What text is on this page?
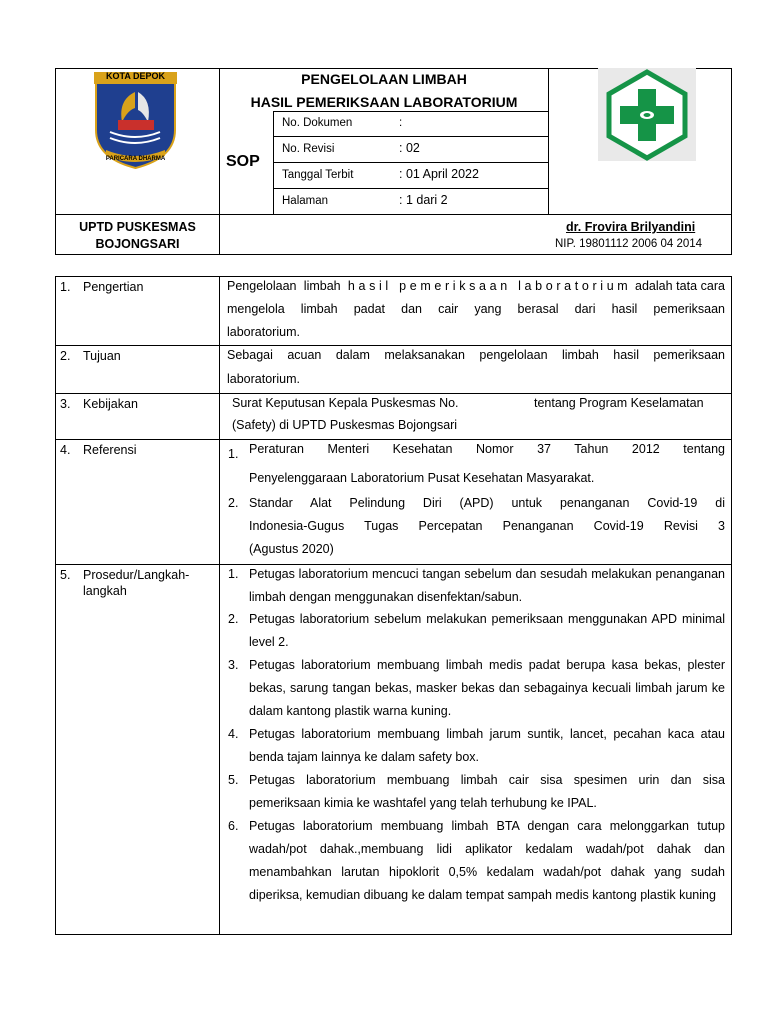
KOTA DEPOK
PARICARA DHARMA
PENGELOLAAN LIMBAH
HASIL PEMERIKSAAN LABORATORIUM
SOP
No. Dokumen	:
No. Revisi	: 02
Tanggal Terbit	: 01 April 2022
Halaman	: 1 dari 2
UPTD PUSKESMAS
BOJONGSARI
dr. Frovira Brilyandini
NIP. 19801112 2006 04 2014
1. Pengertian	Pengelolaan  limbah  h a s i l   p e m e r i k s a a n   l a b o r a t o r i u m  adalah tata cara
mengelola limbah padat dan cair yang berasal dari hasil pemeriksaan
laboratorium.
2. Tujuan	Sebagai acuan dalam melaksanakan pengelolaan limbah hasil pemeriksaan
laboratorium.
3. Kebijakan	Surat Keputusan Kepala Puskesmas No.	tentang Program Keselamatan
(Safety) di UPTD Puskesmas Bojongsari
4. Referensi	1. Peraturan Menteri Kesehatan Nomor 37 Tahun 2012 tentang
Penyelenggaraan Laboratorium Pusat Kesehatan Masyarakat.
2. Standar Alat Pelindung Diri (APD) untuk penanganan Covid-19 di
Indonesia-Gugus Tugas Percepatan Penanganan Covid-19 Revisi 3
(Agustus 2020)
5. Prosedur/Langkah-
langkah
1. Petugas laboratorium mencuci tangan sebelum dan sesudah melakukan penanganan limbah dengan menggunakan disenfektan/sabun.
2. Petugas laboratorium sebelum melakukan pemeriksaan menggunakan APD minimal level 2.
3. Petugas laboratorium membuang limbah medis padat berupa kasa bekas, plester bekas, sarung tangan bekas, masker bekas dan sebagainya kecuali limbah jarum ke dalam kantong plastik warna kuning.
4. Petugas laboratorium membuang limbah jarum suntik, lancet, pecahan kaca atau benda tajam lainnya ke dalam safety box.
5. Petugas laboratorium membuang limbah cair sisa spesimen urin dan sisa pemeriksaan kimia ke washtafel yang telah terhubung ke IPAL.
6. Petugas laboratorium membuang limbah BTA dengan cara melonggarkan tutup wadah/pot dahak.,membuang lidi aplikator kedalam wadah/pot dahak dan menambahkan larutan hipoklorit 0,5% kedalam wadah/pot dahak yang sudah diperiksa, kemudian dibuang ke dalam tempat sampah medis kantong plastik kuning
